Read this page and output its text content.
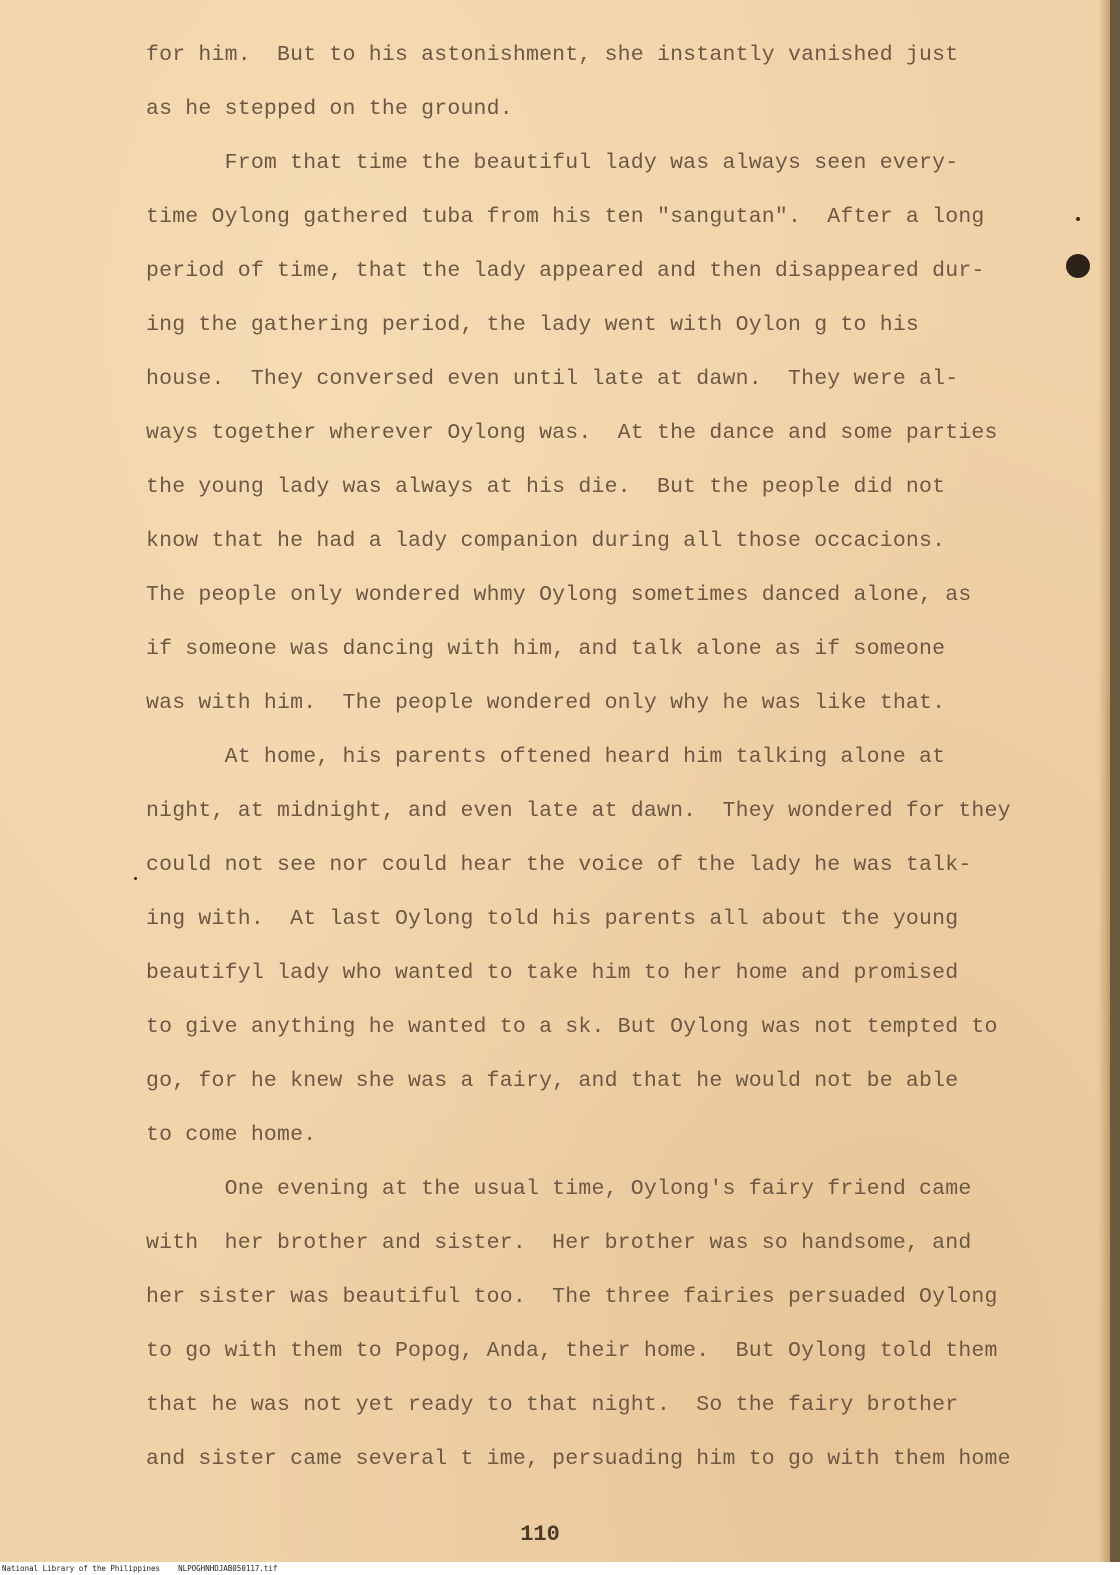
for him.  But to his astonishment, she instantly vanished just
as he stepped on the ground.
From that time the beautiful lady was always seen every-
time Oylong gathered tuba from his ten "sangutan".  After a long
period of time, that the lady appeared and then disappeared dur-
ing the gathering period, the lady went with Oylon g to his
house.  They conversed even until late at dawn.  They were al-
ways together wherever Oylong was.  At the dance and some parties
the young lady was always at his die.  But the people did not
know that he had a lady companion during all those occacions.
The people only wondered whmy Oylong sometimes danced alone, as
if someone was dancing with him, and talk alone as if someone
was with him.  The people wondered only why he was like that.
At home, his parents oftened heard him talking alone at
night, at midnight, and even late at dawn.  They wondered for they
could not see nor could hear the voice of the lady he was talk-
ing with.  At last Oylong told his parents all about the young
beautifyl lady who wanted to take him to her home and promised
to give anything he wanted to a sk. But Oylong was not tempted to
go, for he knew she was a fairy, and that he would not be able
to come home.
One evening at the usual time, Oylong's fairy friend came
with  her brother and sister.  Her brother was so handsome, and
her sister was beautiful too.  The three fairies persuaded Oylong
to go with them to Popog, Anda, their home.  But Oylong told them
that he was not yet ready to that night.  So the fairy brother
and sister came several t ime, persuading him to go with them home
110
National Library of the Philippines    NLPOGHNHDJAB050117.tif
